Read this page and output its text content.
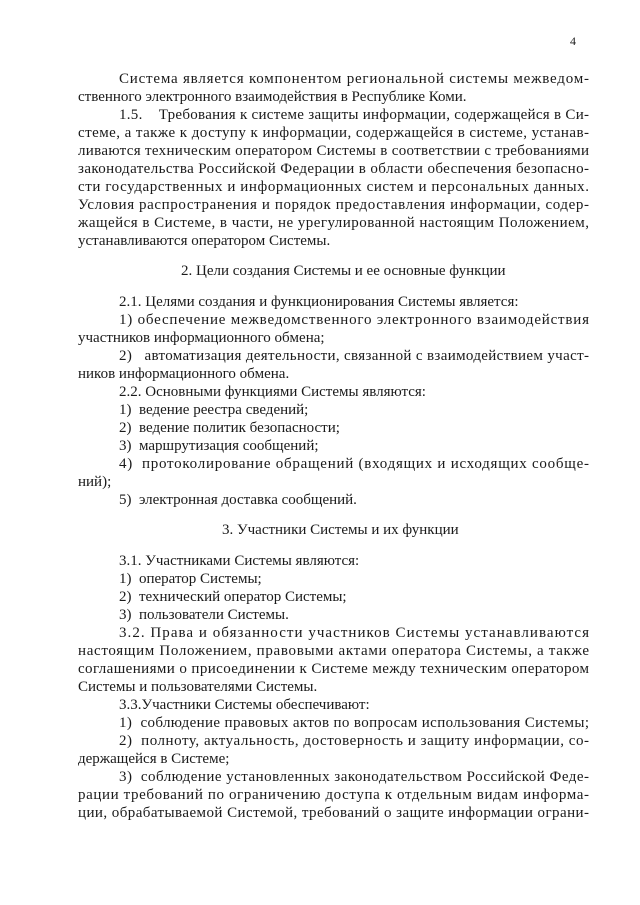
4
Система является компонентом региональной системы межведом-
ственного электронного взаимодействия в Республике Коми.
1.5.    Требования к системе защиты информации, содержащейся в Си-
стеме, а также к доступу к информации, содержащейся в системе, устанав-
ливаются техническим оператором Системы в соответствии с требованиями
законодательства Российской Федерации в области обеспечения безопасно-
сти государственных и информационных систем и персональных данных.
Условия распространения и порядок предоставления информации, содер-
жащейся в Системе, в части, не урегулированной настоящим Положением,
устанавливаются оператором Системы.
2. Цели создания Системы и ее основные функции
2.1. Целями создания и функционирования Системы является:
1) обеспечение межведомственного электронного взаимодействия
участников информационного обмена;
2)   автоматизация деятельности, связанной с взаимодействием участ-
ников информационного обмена.
2.2. Основными функциями Системы являются:
1)  ведение реестра сведений;
2)  ведение политик безопасности;
3)  маршрутизация сообщений;
4)  протоколирование обращений (входящих и исходящих сообще-
ний);
5)  электронная доставка сообщений.
3. Участники Системы и их функции
3.1. Участниками Системы являются:
1)  оператор Системы;
2)  технический оператор Системы;
3)  пользователи Системы.
3.2. Права и обязанности участников Системы устанавливаются
настоящим Положением, правовыми актами оператора Системы, а также
соглашениями о присоединении к Системе между техническим оператором
Системы и пользователями Системы.
3.3.Участники Системы обеспечивают:
1)  соблюдение правовых актов по вопросам использования Системы;
2)  полноту, актуальность, достоверность и защиту информации, со-
держащейся в Системе;
3)  соблюдение установленных законодательством Российской Феде-
рации требований по ограничению доступа к отдельным видам информа-
ции, обрабатываемой Системой, требований о защите информации ограни-
